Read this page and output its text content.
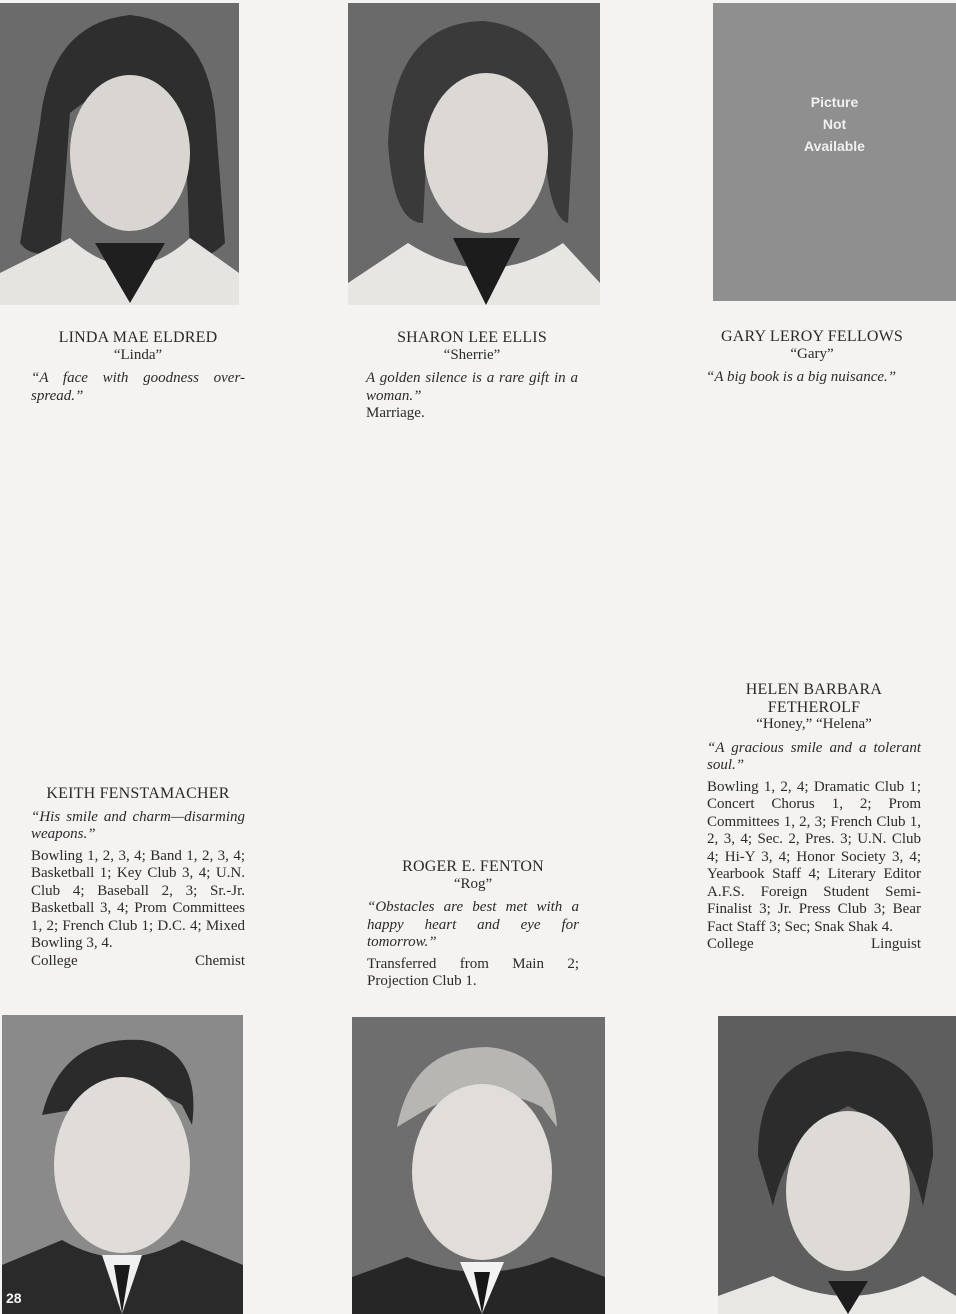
Picture
Not
Available
LINDA MAE ELDRED
“Linda”
“A face with goodness over-spread.”
SHARON LEE ELLIS
“Sherrie”
A golden silence is a rare gift in a woman.”
Marriage.
GARY LEROY FELLOWS
“Gary”
“A big book is a big nuisance.”
KEITH FENSTAMACHER
“His smile and charm—disarming weapons.”
Bowling 1, 2, 3, 4; Band 1, 2, 3, 4; Basketball 1; Key Club 3, 4; U.N. Club 4; Baseball 2, 3; Sr.-Jr. Basketball 3, 4; Prom Committees 1, 2; French Club 1; D.C. 4; Mixed Bowling 3, 4.
College	Chemist
ROGER E. FENTON
“Rog”
“Obstacles are best met with a happy heart and eye for tomorrow.”
Transferred from Main 2; Projection Club 1.
HELEN BARBARA FETHEROLF
“Honey,” “Helena”
“A gracious smile and a tolerant soul.”
Bowling 1, 2, 4; Dramatic Club 1; Concert Chorus 1, 2; Prom Committees 1, 2, 3; French Club 1, 2, 3, 4; Sec. 2, Pres. 3; U.N. Club 4; Hi-Y 3, 4; Honor Society 3, 4; Yearbook Staff 4; Literary Editor A.F.S. Foreign Student Semi-Finalist 3; Jr. Press Club 3; Bear Fact Staff 3; Sec; Snak Shak 4.
College	Linguist
28
